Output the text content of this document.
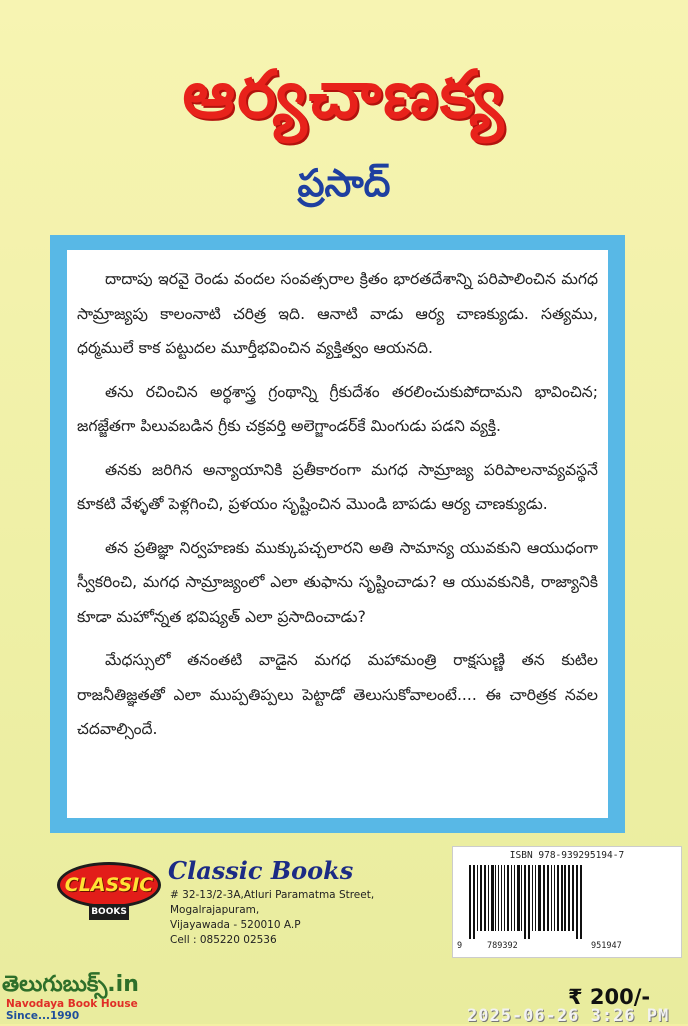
ఆర్యచాణక్య
ప్రసాద్

దాదాపు ఇరవై రెండు వందల సంవత్సరాల క్రితం భారతదేశాన్ని పరిపాలించిన మగధ సామ్రాజ్యపు కాలంనాటి చరిత్ర ఇది. ఆనాటి వాడు ఆర్య చాణక్యుడు. సత్యము, ధర్మములే కాక పట్టుదల మూర్తీభవించిన వ్యక్తిత్వం ఆయనది.

తను రచించిన అర్థశాస్త్ర గ్రంథాన్ని గ్రీకుదేశం తరలించుకుపోదామని భావించిన; జగజ్జేతగా పిలువబడిన గ్రీకు చక్రవర్తి అలెగ్జాండర్‌కే మింగుడు పడని వ్యక్తి.

తనకు జరిగిన అన్యాయానికి ప్రతీకారంగా మగధ సామ్రాజ్య పరిపాలనావ్యవస్థనే కూకటి వేళ్ళతో పెళ్లగించి, ప్రళయం సృష్టించిన మొండి బాపడు ఆర్య చాణక్యుడు.

తన ప్రతిజ్ఞా నిర్వహణకు ముక్కుపచ్చలారని అతి సామాన్య యువకుని ఆయుధంగా స్వీకరించి, మగధ సామ్రాజ్యంలో ఎలా తుఫాను సృష్టించాడు? ఆ యువకునికి, రాజ్యానికి కూడా మహోన్నత భవిష్యత్ ఎలా ప్రసాదించాడు?

మేధస్సులో తనంతటి వాడైన మగధ మహామంత్రి రాక్షసుణ్ణి తన కుటిల రాజనీతిజ్ఞతతో ఎలా ముప్పతిప్పలు పెట్టాడో తెలుసుకోవాలంటే.... ఈ చారిత్రక నవల చదవాల్సిందే.

CLASSIC
BOOKS
Classic Books
# 32-13/2-3A,Atluri Paramatma Street,
Mogalrajapuram,
Vijayawada - 520010 A.P
Cell : 085220 02536
ISBN 978-939295194-7
9	789392	951947
తెలుగుబుక్స్.in
Navodaya Book House
Since...1990
₹ 200/-
2025-06-26 3:26 PM
